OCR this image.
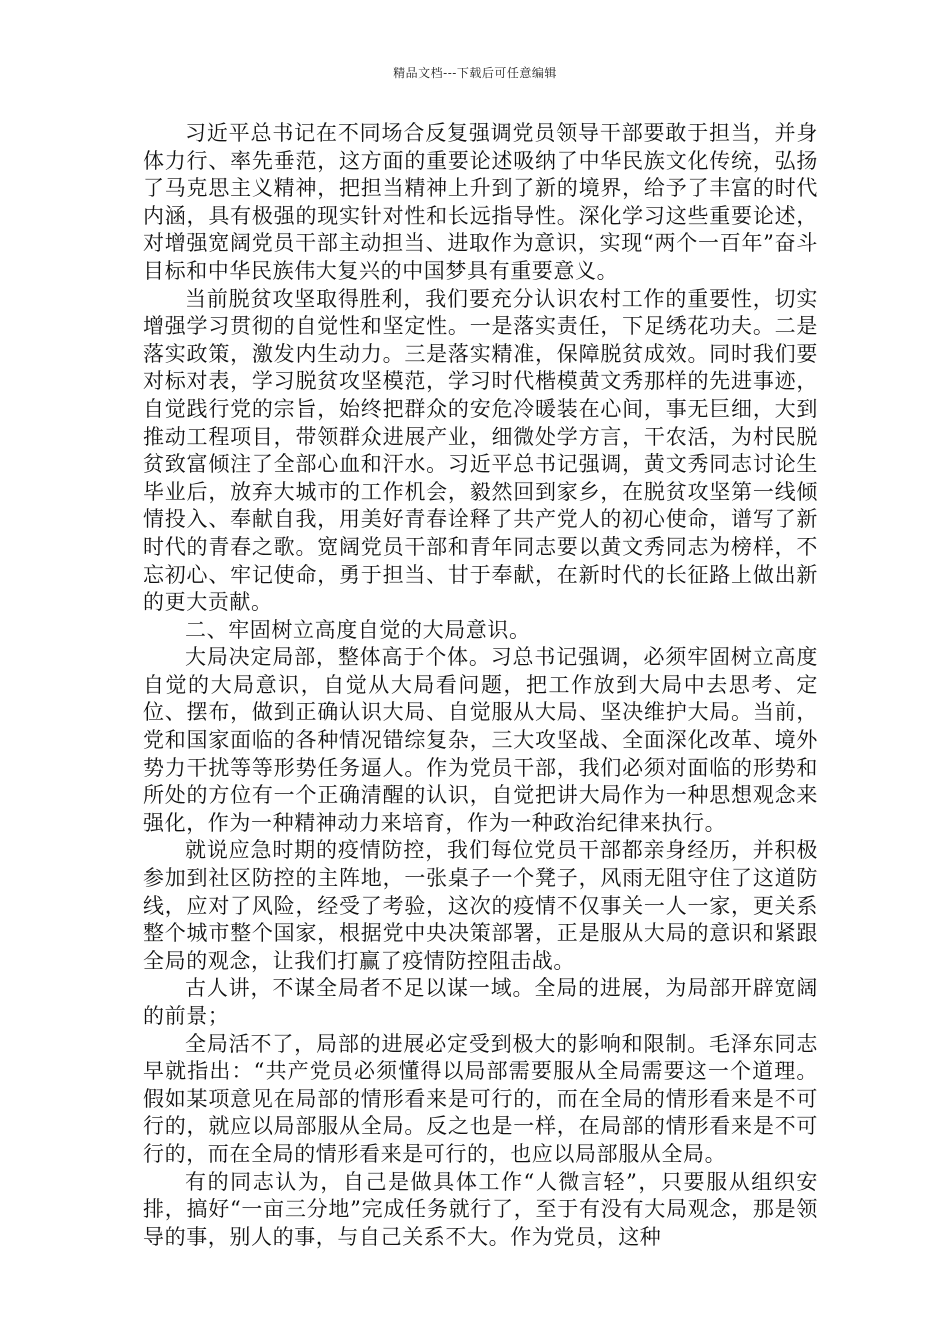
精品文档---下载后可任意编辑

习近平总书记在不同场合反复强调党员领导干部要敢于担当，并身体力行、率先垂范，这方面的重要论述吸纳了中华民族文化传统，弘扬了马克思主义精神，把担当精神上升到了新的境界，给予了丰富的时代内涵，具有极强的现实针对性和长远指导性。深化学习这些重要论述，对增强宽阔党员干部主动担当、进取作为意识，实现“两个一百年”奋斗目标和中华民族伟大复兴的中国梦具有重要意义。

当前脱贫攻坚取得胜利，我们要充分认识农村工作的重要性，切实增强学习贯彻的自觉性和坚定性。一是落实责任，下足绣花功夫。二是落实政策，激发内生动力。三是落实精准，保障脱贫成效。同时我们要对标对表，学习脱贫攻坚模范，学习时代楷模黄文秀那样的先进事迹，自觉践行党的宗旨，始终把群众的安危冷暖装在心间，事无巨细，大到推动工程项目，带领群众进展产业，细微处学方言，干农活，为村民脱贫致富倾注了全部心血和汗水。习近平总书记强调，黄文秀同志讨论生毕业后，放弃大城市的工作机会，毅然回到家乡，在脱贫攻坚第一线倾情投入、奉献自我，用美好青春诠释了共产党人的初心使命，谱写了新时代的青春之歌。宽阔党员干部和青年同志要以黄文秀同志为榜样，不忘初心、牢记使命，勇于担当、甘于奉献，在新时代的长征路上做出新的更大贡献。

二、牢固树立高度自觉的大局意识。

大局决定局部，整体高于个体。习总书记强调，必须牢固树立高度自觉的大局意识，自觉从大局看问题，把工作放到大局中去思考、定位、摆布，做到正确认识大局、自觉服从大局、坚决维护大局。当前，党和国家面临的各种情况错综复杂，三大攻坚战、全面深化改革、境外势力干扰等等形势任务逼人。作为党员干部，我们必须对面临的形势和所处的方位有一个正确清醒的认识，自觉把讲大局作为一种思想观念来强化，作为一种精神动力来培育，作为一种政治纪律来执行。

就说应急时期的疫情防控，我们每位党员干部都亲身经历，并积极参加到社区防控的主阵地，一张桌子一个凳子，风雨无阻守住了这道防线，应对了风险，经受了考验，这次的疫情不仅事关一人一家，更关系整个城市整个国家，根据党中央决策部署，正是服从大局的意识和紧跟全局的观念，让我们打赢了疫情防控阻击战。

古人讲，不谋全局者不足以谋一域。全局的进展，为局部开辟宽阔的前景；

全局活不了，局部的进展必定受到极大的影响和限制。毛泽东同志早就指出：“共产党员必须懂得以局部需要服从全局需要这一个道理。假如某项意见在局部的情形看来是可行的，而在全局的情形看来是不可行的，就应以局部服从全局。反之也是一样，在局部的情形看来是不可行的，而在全局的情形看来是可行的，也应以局部服从全局。

有的同志认为，自己是做具体工作“人微言轻”，只要服从组织安排，搞好“一亩三分地”完成任务就行了，至于有没有大局观念，那是领导的事，别人的事，与自己关系不大。作为党员，这种
